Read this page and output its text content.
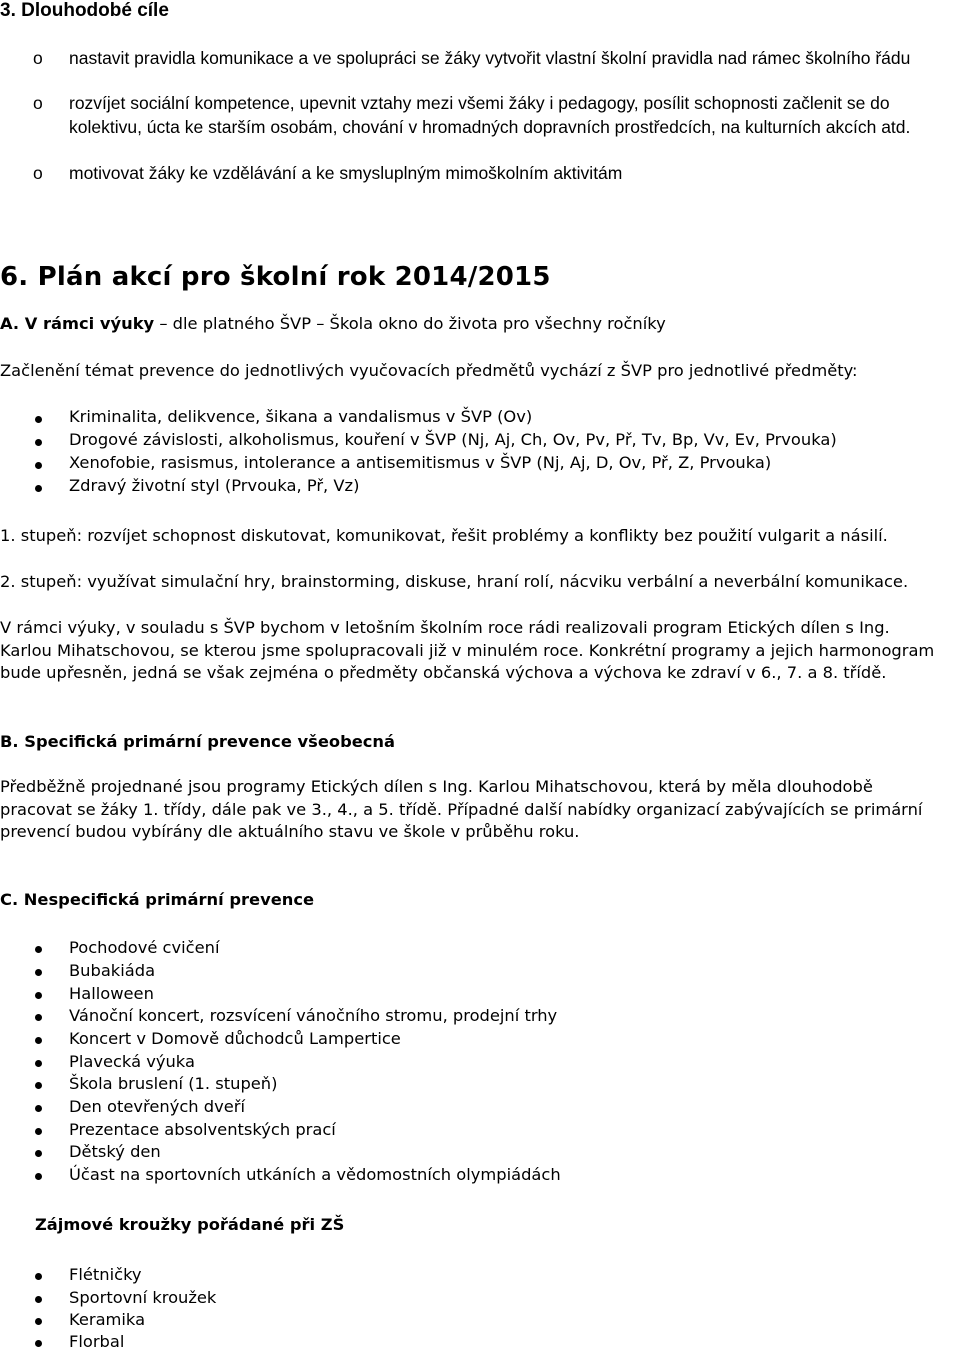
3. Dlouhodobé cíle
o nastavit pravidla komunikace a ve spolupráci se žáky vytvořit vlastní školní pravidla nad rámec školního řádu
o rozvíjet sociální kompetence, upevnit vztahy mezi všemi žáky i pedagogy, posílit schopnosti začlenit se do kolektivu, úcta ke starším osobám, chování v hromadných dopravních prostředcích, na kulturních akcích atd.
o motivovat žáky ke vzdělávání a ke smysluplným mimoškolním aktivitám
6. Plán akcí pro školní rok 2014/2015
A. V rámci výuky – dle platného ŠVP – Škola okno do života pro všechny ročníky
Začlenění témat prevence do jednotlivých vyučovacích předmětů vychází z ŠVP pro jednotlivé předměty:
Kriminalita, delikvence, šikana a vandalismus v ŠVP (Ov)
Drogové závislosti, alkoholismus, kouření v ŠVP (Nj, Aj, Ch, Ov, Pv, Př, Tv, Bp, Vv, Ev, Prvouka)
Xenofobie, rasismus, intolerance a antisemitismus v ŠVP (Nj, Aj, D, Ov, Př, Z, Prvouka)
Zdravý životní styl (Prvouka, Př, Vz)
1. stupeň: rozvíjet schopnost diskutovat, komunikovat, řešit problémy a konflikty bez použití vulgarit a násilí.
2. stupeň: využívat simulační hry, brainstorming, diskuse, hraní rolí, nácviku verbální a neverbální komunikace.
V rámci výuky, v souladu s ŠVP bychom v letošním školním roce rádi realizovali program Etických dílen s Ing.
Karlou Mihatschovou, se kterou jsme spolupracovali již v minulém roce. Konkrétní programy a jejich harmonogram
bude upřesněn, jedná se však zejména o předměty občanská výchova a výchova ke zdraví v 6., 7. a 8. třídě.
B. Specifická primární prevence všeobecná
Předběžně projednané jsou programy Etických dílen s Ing. Karlou Mihatschovou, která by měla dlouhodobě
pracovat se žáky 1. třídy, dále pak ve 3., 4., a 5. třídě. Případné další nabídky organizací zabývajících se primární
prevencí budou vybírány dle aktuálního stavu ve škole v průběhu roku.
C. Nespecifická primární prevence
Pochodové cvičení
Bubakiáda
Halloween
Vánoční koncert, rozsvícení vánočního stromu, prodejní trhy
Koncert v Domově důchodců Lampertice
Plavecká výuka
Škola bruslení (1. stupeň)
Den otevřených dveří
Prezentace absolventských prací
Dětský den
Účast na sportovních utkáních a vědomostních olympiádách
Zájmové kroužky pořádané při ZŠ
Flétničky
Sportovní kroužek
Keramika
Florbal
